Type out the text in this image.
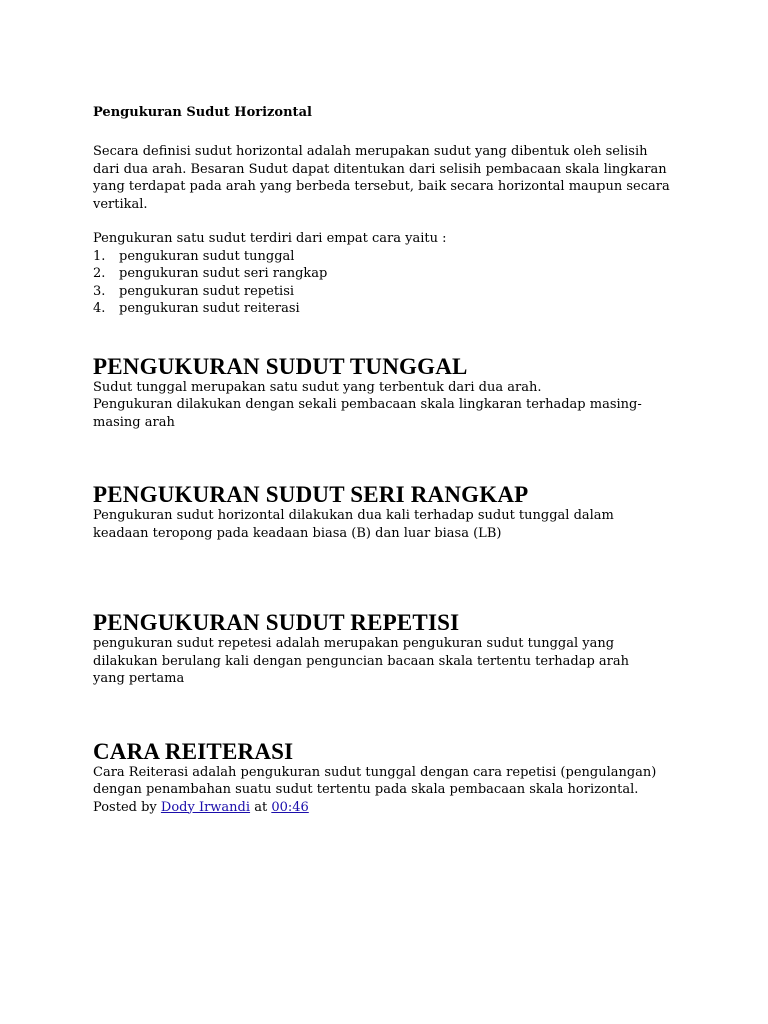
Pengukuran Sudut Horizontal

Secara definisi sudut horizontal adalah merupakan sudut yang dibentuk oleh selisih dari dua arah. Besaran Sudut dapat ditentukan dari selisih pembacaan skala lingkaran yang terdapat pada arah yang berbeda tersebut, baik secara horizontal maupun secara vertikal.

Pengukuran satu sudut terdiri dari empat cara yaitu :

1.	pengukuran sudut tunggal
2.	pengukuran sudut seri rangkap
3.	pengukuran sudut repetisi
4.	pengukuran sudut reiterasi
PENGUKURAN SUDUT TUNGGAL

Sudut tunggal merupakan satu sudut yang terbentuk dari dua arah.

Pengukuran dilakukan dengan sekali pembacaan skala lingkaran terhadap masing-masing arah

PENGUKURAN SUDUT SERI RANGKAP

Pengukuran sudut horizontal dilakukan dua kali terhadap sudut tunggal dalam keadaan teropong pada keadaan biasa (B) dan luar biasa (LB)

PENGUKURAN SUDUT REPETISI

pengukuran sudut repetesi adalah merupakan pengukuran sudut tunggal yang dilakukan berulang kali dengan penguncian bacaan skala tertentu terhadap arah yang pertama

CARA REITERASI

Cara Reiterasi adalah pengukuran sudut tunggal dengan cara repetisi (pengulangan) dengan penambahan suatu sudut tertentu pada skala pembacaan skala horizontal.

Posted by Dody Irwandi at 00:46
